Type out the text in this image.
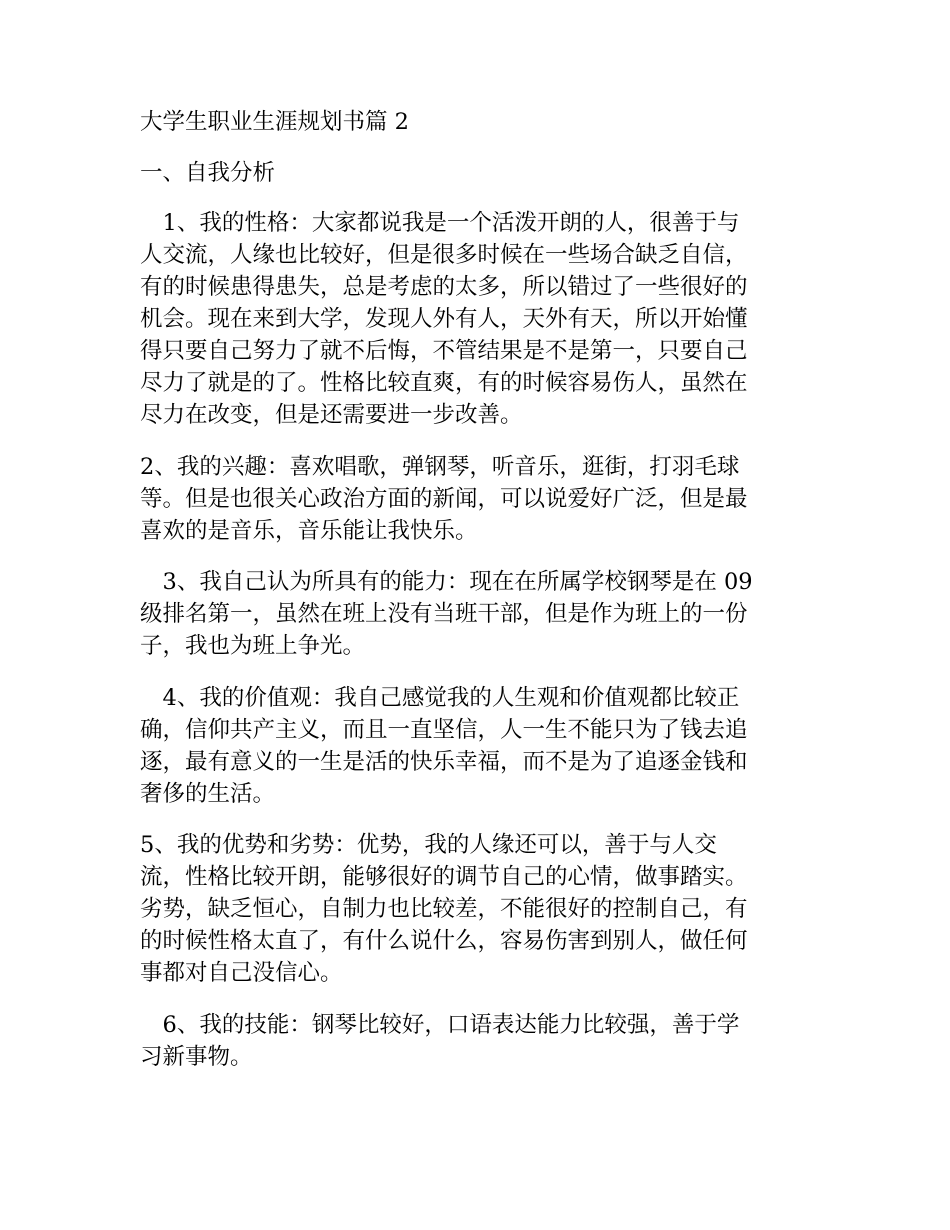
大学生职业生涯规划书篇 2
一、自我分析
　1、我的性格：大家都说我是一个活泼开朗的人，很善于与
人交流，人缘也比较好，但是很多时候在一些场合缺乏自信，
有的时候患得患失，总是考虑的太多，所以错过了一些很好的
机会。现在来到大学，发现人外有人，天外有天，所以开始懂
得只要自己努力了就不后悔，不管结果是不是第一，只要自己
尽力了就是的了。性格比较直爽，有的时候容易伤人，虽然在
尽力在改变，但是还需要进一步改善。
2、我的兴趣：喜欢唱歌，弹钢琴，听音乐，逛街，打羽毛球
等。但是也很关心政治方面的新闻，可以说爱好广泛，但是最
喜欢的是音乐，音乐能让我快乐。
　3、我自己认为所具有的能力：现在在所属学校钢琴是在 09
级排名第一，虽然在班上没有当班干部，但是作为班上的一份
子，我也为班上争光。
　4、我的价值观：我自己感觉我的人生观和价值观都比较正
确，信仰共产主义，而且一直坚信，人一生不能只为了钱去追
逐，最有意义的一生是活的快乐幸福，而不是为了追逐金钱和
奢侈的生活。
5、我的优势和劣势：优势，我的人缘还可以，善于与人交
流，性格比较开朗，能够很好的调节自己的心情，做事踏实。
劣势，缺乏恒心，自制力也比较差，不能很好的控制自己，有
的时候性格太直了，有什么说什么，容易伤害到别人，做任何
事都对自己没信心。
　6、我的技能：钢琴比较好，口语表达能力比较强，善于学
习新事物。
